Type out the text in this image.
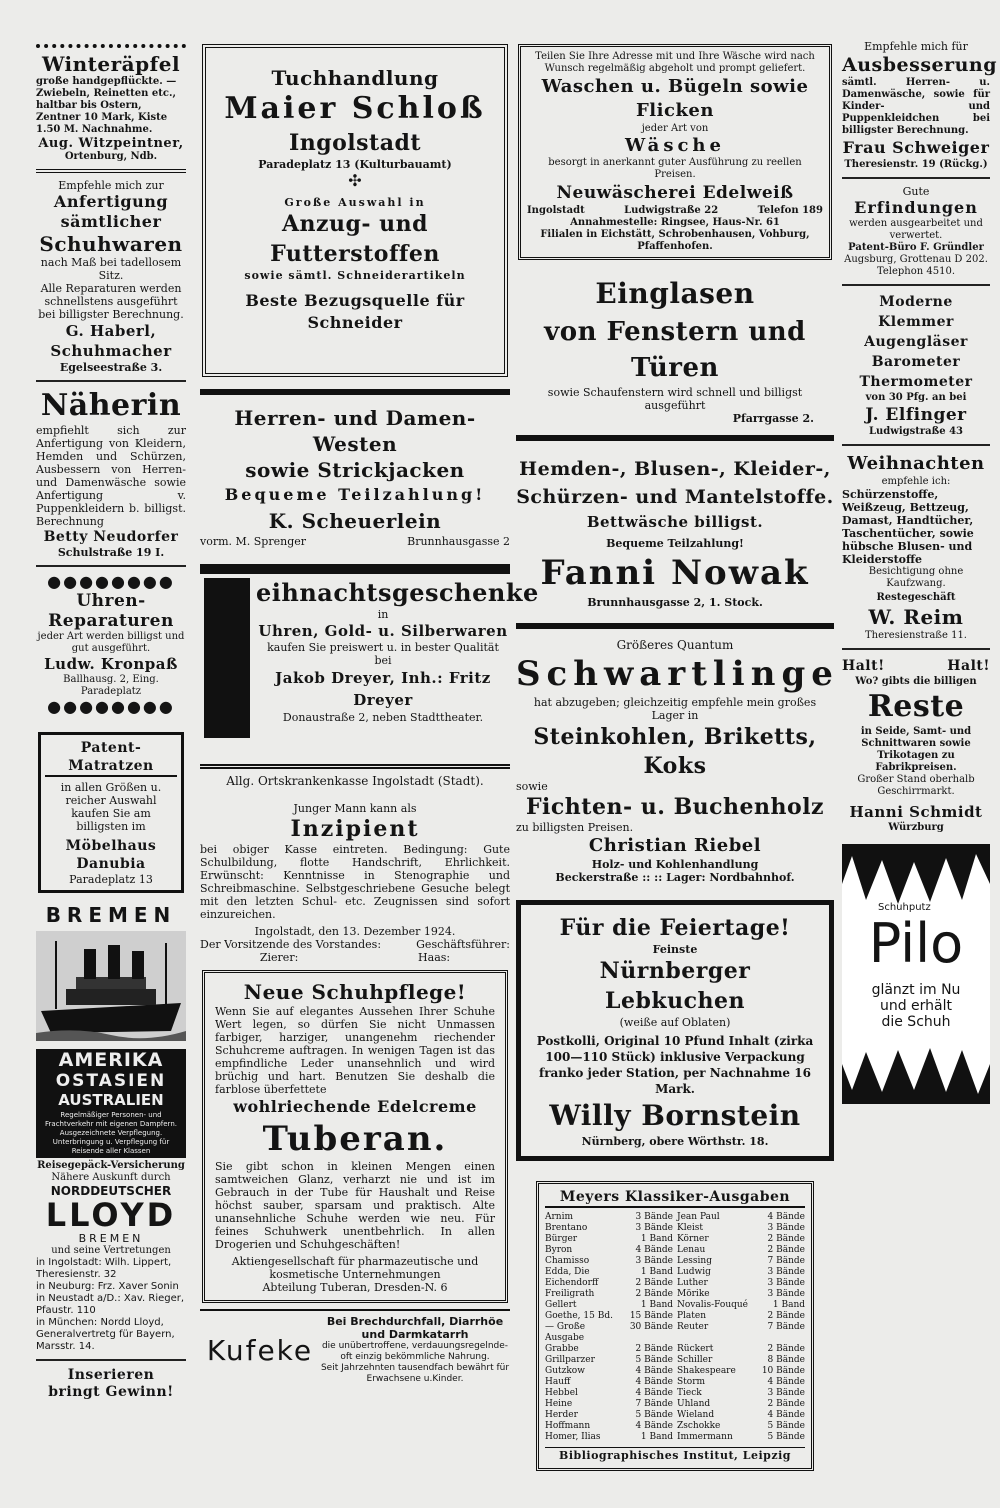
Winteräpfel
große handgepflückte. — Zwiebeln, Reinetten etc., haltbar bis Ostern, Zentner 10 Mark, Kiste 1.50 M. Nachnahme.
Aug. Witzpeintner,
Ortenburg, Ndb.
Empfehle mich zur
Anfertigung sämtlicher
Schuhwaren
nach Maß bei tadellosem Sitz.
Alle Reparaturen werden schnellstens ausgeführt bei billigster Berechnung.
G. Haberl, Schuhmacher
Egelseestraße 3.
Näherin
empfiehlt sich zur Anfertigung von Kleidern, Hemden und Schürzen, Ausbessern von Herren- und Damenwäsche sowie Anfertigung v. Puppenkleidern b. billigst. Berechnung
Betty Neudorfer
Schulstraße 19 I.
●●●●●●●●
Uhren-
Reparaturen
jeder Art werden billigst und gut ausgeführt.
Ludw. Kronpaß
Ballhausg. 2, Eing. Paradeplatz
●●●●●●●●
Patent-Matratzen
in allen Größen u. reicher Auswahl kaufen Sie am billigsten im
Möbelhaus Danubia
Paradeplatz 13
BREMEN
AMERIKA
OSTASIEN
AUSTRALIEN
Regelmäßiger Personen- und Frachtverkehr mit eigenen Dampfern. Ausgezeichnete Verpflegung. Unterbringung u. Verpflegung für Reisende aller Klassen
Reisegepäck-Versicherung
Nähere Auskunft durch
NORDDEUTSCHER
LLOYD
BREMEN
und seine Vertretungen
in Ingolstadt: Wilh. Lippert, Theresienstr. 32
in Neuburg: Frz. Xaver Sonin
in Neustadt a/D.: Xav. Rieger, Pfaustr. 110
in München: Nordd Lloyd, Generalvertretg für Bayern, Marsstr. 14.
Inserieren
bringt Gewinn!
Tuchhandlung
Maier Schloß
Ingolstadt
Paradeplatz 13 (Kulturbauamt)
✣
Große Auswahl in
Anzug- und Futterstoffen
sowie sämtl. Schneiderartikeln
Beste Bezugsquelle für Schneider
Herren- und Damen-Westen
sowie Strickjacken
Bequeme Teilzahlung!
K. Scheuerlein
vorm. M. Sprenger	Brunnhausgasse 2
eihnachtsgeschenke
in
Uhren, Gold- u. Silberwaren
kaufen Sie preiswert u. in bester Qualität
bei
Jakob Dreyer, Inh.: Fritz Dreyer
Donaustraße 2, neben Stadttheater.
Allg. Ortskrankenkasse Ingolstadt (Stadt).
Junger Mann kann als
Inzipient
bei obiger Kasse eintreten. Bedingung: Gute Schulbildung, flotte Handschrift, Ehrlichkeit. Erwünscht: Kenntnisse in Stenographie und Schreibmaschine. Selbstgeschriebene Gesuche belegt mit den letzten Schul- etc. Zeugnissen sind sofort einzureichen.
Ingolstadt, den 13. Dezember 1924.
Der Vorsitzende des Vorstandes:	Geschäftsführer:
Zierer:	Haas:
Neue Schuhpflege!
Wenn Sie auf elegantes Aussehen Ihrer Schuhe Wert legen, so dürfen Sie nicht Unmassen farbiger, harziger, unangenehm riechender Schuhcreme auftragen. In wenigen Tagen ist das empfindliche Leder unansehnlich und wird brüchig und hart. Benutzen Sie deshalb die farblose überfettete
wohlriechende Edelcreme
Tuberan.
Sie gibt schon in kleinen Mengen einen samtweichen Glanz, verharzt nie und ist im Gebrauch in der Tube für Haushalt und Reise höchst sauber, sparsam und praktisch. Alte unansehnliche Schuhe werden wie neu. Für feines Schuhwerk unentbehrlich. In allen Drogerien und Schuhgeschäften!
Aktiengesellschaft für pharmazeutische und kosmetische Unternehmungen
Abteilung Tuberan, Dresden-N. 6
Kufeke
Bei Brechdurchfall, Diarrhöe und Darmkatarrh
die unübertroffene, verdauungsregelnde- oft einzig bekömmliche Nahrung.
Seit Jahrzehnten tausendfach bewährt für Erwachsene u.Kinder.
Teilen Sie Ihre Adresse mit und Ihre Wäsche wird nach Wunsch regelmäßig abgeholt und prompt geliefert.
Waschen u. Bügeln sowie Flicken
jeder Art von
Wäsche
besorgt in anerkannt guter Ausführung zu reellen Preisen.
Neuwäscherei Edelweiß
Ingolstadt	Ludwigstraße 22	Telefon 189
Annahmestelle: Ringsee, Haus-Nr. 61
Filialen in Eichstätt, Schrobenhausen, Vohburg, Pfaffenhofen.
Einglasen
von Fenstern und Türen
sowie Schaufenstern wird schnell und billigst ausgeführt
Pfarrgasse 2.
Hemden-, Blusen-, Kleider-,
Schürzen- und Mantelstoffe.
Bettwäsche billigst.
Bequeme Teilzahlung!
Fanni Nowak
Brunnhausgasse 2, 1. Stock.
Größeres Quantum
Schwartlinge
hat abzugeben; gleichzeitig empfehle mein großes Lager in
Steinkohlen, Briketts,
Koks
sowie
Fichten- u. Buchenholz
zu billigsten Preisen.
Christian Riebel
Holz- und Kohlenhandlung
Beckerstraße :: :: Lager: Nordbahnhof.
Für die Feiertage!
Feinste
Nürnberger Lebkuchen
(weiße auf Oblaten)
Postkolli, Original 10 Pfund Inhalt (zirka 100—110 Stück) inklusive Verpackung franko jeder Station, per Nachnahme 16 Mark.
Willy Bornstein
Nürnberg, obere Wörthstr. 18.
Meyers Klassiker-Ausgaben
Arnim	3 Bände Jean Paul	4 Bände
Brentano	3 Bände Kleist	3 Bände
Bürger	1 Band Körner	2 Bände
Byron	4 Bände Lenau	2 Bände
Chamisso	3 Bände Lessing	7 Bände
Edda, Die	1 Band Ludwig	3 Bände
Eichendorff	2 Bände Luther	3 Bände
Freiligrath	2 Bände Mörike	3 Bände
Gellert	1 Band Novalis-Fouqué	1 Band
Goethe, 15 Bd.	15 Bände Platen	2 Bände
— Große Ausgabe
30 Bände Reuter	7 Bände
Grabbe	2 Bände Rückert	2 Bände
Grillparzer	5 Bände Schiller	8 Bände
Gutzkow	4 Bände Shakespeare	10 Bände
Hauff	4 Bände Storm	4 Bände
Hebbel	4 Bände Tieck	3 Bände
Heine	7 Bände Uhland	2 Bände
Herder	5 Bände Wieland	4 Bände
Hoffmann	4 Bände Zschokke	5 Bände
Homer, Ilias	1 Band Immermann	5 Bände
Bibliographisches Institut, Leipzig
Empfehle mich für
Ausbesserung
sämtl. Herren- u. Damenwäsche, sowie für Kinder- und Puppenkleidchen bei billigster Berechnung.
Frau Schweiger
Theresienstr. 19 (Rückg.)
Gute
Erfindungen
werden ausgearbeitet und verwertet.
Patent-Büro F. Gründler
Augsburg, Grottenau D 202.
Telephon 4510.
Moderne Klemmer
Augengläser
Barometer
Thermometer
von 30 Pfg. an bei
J. Elfinger
Ludwigstraße 43
Weihnachten
empfehle ich:
Schürzenstoffe, Weißzeug, Bettzeug, Damast, Handtücher, Taschentücher, sowie hübsche Blusen- und Kleiderstoffe
Besichtigung ohne Kaufzwang.
Restegeschäft
W. Reim
Theresienstraße 11.
Halt!	Halt!
Wo? gibts die billigen
Reste
in Seide, Samt- und Schnittwaren sowie Trikotagen zu Fabrikpreisen.
Großer Stand oberhalb Geschirrmarkt.
Hanni Schmidt
Würzburg
Schuhputz
Pilo
glänzt im Nu
und erhält
die Schuh
